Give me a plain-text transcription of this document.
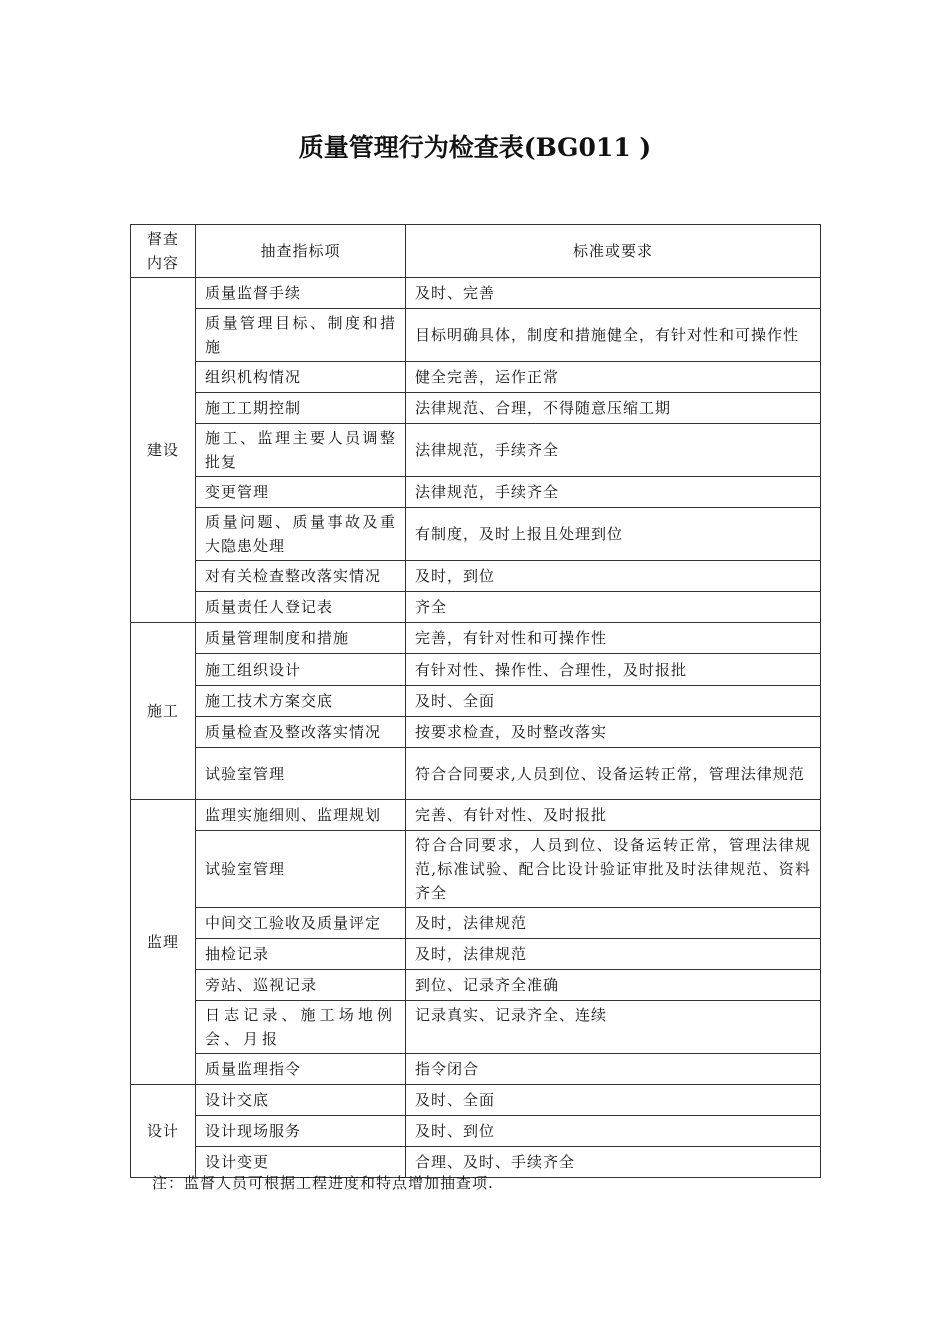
质量管理行为检查表(BG011 )
督查内容	抽查指标项	标准或要求
建设	质量监督手续	及时、完善
	质量管理目标、制度和措施	目标明确具体，制度和措施健全，有针对性和可操作性
	组织机构情况	健全完善，运作正常
	施工工期控制	法律规范、合理，不得随意压缩工期
	施工、监理主要人员调整批复	法律规范，手续齐全
	变更管理	法律规范，手续齐全
	质量问题、质量事故及重大隐患处理	有制度，及时上报且处理到位
	对有关检查整改落实情况	及时，到位
	质量责任人登记表	齐全
施工	质量管理制度和措施	完善，有针对性和可操作性
	施工组织设计	有针对性、操作性、合理性，及时报批
	施工技术方案交底	及时、全面
	质量检查及整改落实情况	按要求检查，及时整改落实
	试验室管理	符合合同要求,人员到位、设备运转正常，管理法律规范
监理	监理实施细则、监理规划	完善、有针对性、及时报批
	试验室管理	符合合同要求，人员到位、设备运转正常，管理法律规范,标准试验、配合比设计验证审批及时法律规范、资料齐全
	中间交工验收及质量评定	及时，法律规范
	抽检记录	及时，法律规范
	旁站、巡视记录	到位、记录齐全准确
	日志记录、施工场地例会、月报	记录真实、记录齐全、连续
	质量监理指令	指令闭合
设计	设计交底	及时、全面
	设计现场服务	及时、到位
	设计变更	合理、及时、手续齐全
注：监督人员可根据工程进度和特点增加抽查项.
